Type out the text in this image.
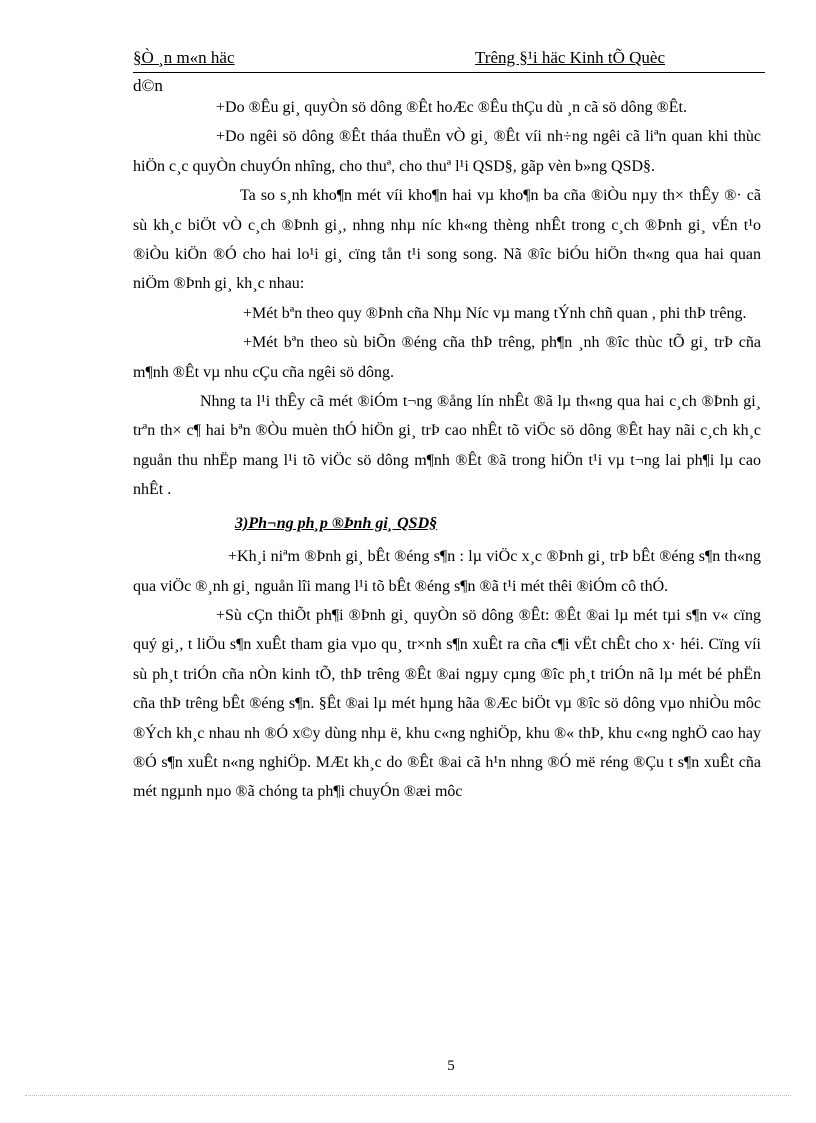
§Ò ¸n m«n häc	Trêng §¹i häc Kinh tÕ Quèc
d©n

+Do ®Êu gi¸ quyÒn sö dông ®Êt hoÆc ®Êu thÇu dù ¸n cã sö dông ®Êt.

+Do ngêi sö dông ®Êt tháa thuËn vÒ gi¸ ®Êt víi nh÷ng ngêi cã liªn quan khi thùc hiÖn c¸c quyÒn chuyÓn nhîng, cho thuª, cho thuª l¹i QSD§, gãp vèn b»ng QSD§.

Ta so s¸nh kho¶n mét víi kho¶n hai vµ kho¶n ba cña ®iÒu nµy th× thÊy ®· cã sù kh¸c biÖt vÒ c¸ch ®Þnh gi¸, nhng nhµ níc kh«ng thèng nhÊt trong c¸ch ®Þnh gi¸ vÉn t¹o ®iÒu kiÖn ®Ó cho hai lo¹i gi¸ cïng tån t¹i song song. Nã ®îc biÓu hiÖn th«ng qua hai quan niÖm ®Þnh gi¸ kh¸c nhau:

+Mét bªn theo quy ®Þnh cña Nhµ Níc vµ mang tÝnh chñ quan , phi thÞ trêng.

+Mét bªn theo sù biÕn ®éng cña thÞ trêng, ph¶n ¸nh ®îc thùc tÕ gi¸ trÞ cña m¶nh ®Êt vµ nhu cÇu cña ngêi sö dông.

Nhng ta l¹i thÊy cã mét ®iÓm t¬ng ®ång lín nhÊt ®ã lµ th«ng qua hai c¸ch ®Þnh gi¸ trªn th× c¶ hai bªn ®Òu muèn thÓ hiÖn gi¸ trÞ cao nhÊt tõ viÖc sö dông ®Êt hay nãi c¸ch kh¸c nguån thu nhËp mang l¹i tõ viÖc sö dông m¶nh ®Êt ®ã trong hiÖn t¹i vµ t¬ng lai ph¶i lµ cao nhÊt .

3)Ph¬ng ph¸p ®Þnh gi¸ QSD§

+Kh¸i niªm ®Þnh gi¸ bÊt ®éng s¶n : lµ viÖc x¸c ®Þnh gi¸ trÞ bÊt ®éng s¶n th«ng qua viÖc ®¸nh gi¸ nguån lîi mang l¹i tõ bÊt ®éng s¶n ®ã t¹i mét thêi ®iÓm cô thÓ.

+Sù cÇn thiÕt ph¶i ®Þnh gi¸ quyÒn sö dông ®Êt: ®Êt ®ai lµ mét tµi s¶n v« cïng quý gi¸, t liÖu s¶n xuÊt tham gia vµo qu¸ tr×nh s¶n xuÊt ra cña c¶i vËt chÊt cho x· héi. Cïng víi sù ph¸t triÓn cña nÒn kinh tÕ, thÞ trêng ®Êt ®ai ngµy cµng ®îc ph¸t triÓn nã lµ mét bé phËn cña thÞ trêng bÊt ®éng s¶n. §Êt ®ai lµ mét hµng hãa ®Æc biÖt vµ ®îc sö dông vµo nhiÒu môc ®Ých kh¸c nhau nh ®Ó x©y dùng nhµ ë, khu c«ng nghiÖp, khu ®« thÞ, khu c«ng nghÖ cao hay ®Ó s¶n xuÊt n«ng nghiÖp. MÆt kh¸c do ®Êt ®ai cã h¹n nhng ®Ó më réng ®Çu t s¶n xuÊt cña mét ngµnh nµo ®ã chóng ta ph¶i chuyÓn ®æi môc

5
